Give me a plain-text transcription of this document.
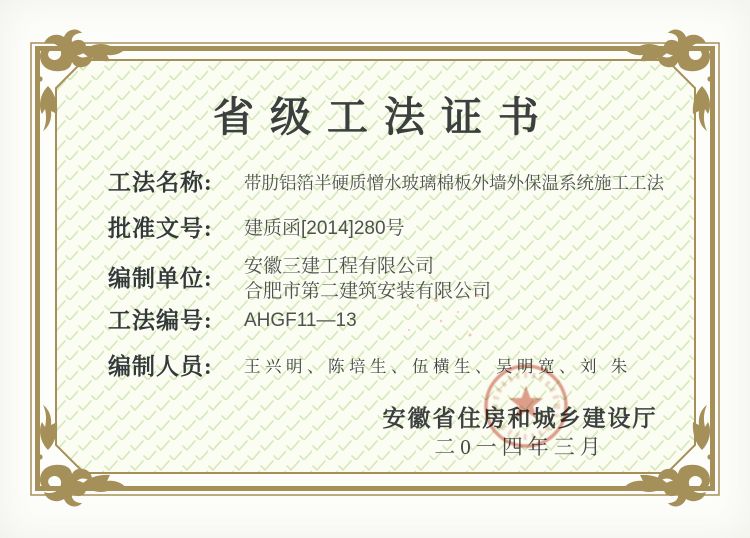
省级工法证书
工法名称:	带肋铝箔半硬质憎水玻璃棉板外墙外保温系统施工工法
批准文号:	建质函[2014]280号
编制单位:	安徽三建工程有限公司
合肥市第二建筑安装有限公司
工法编号:	AHGF11—13
编制人员:	王兴明、陈培生、伍横生、吴明宽、刘 朱

安徽省住房和城乡建设厅

二0一四年三月
